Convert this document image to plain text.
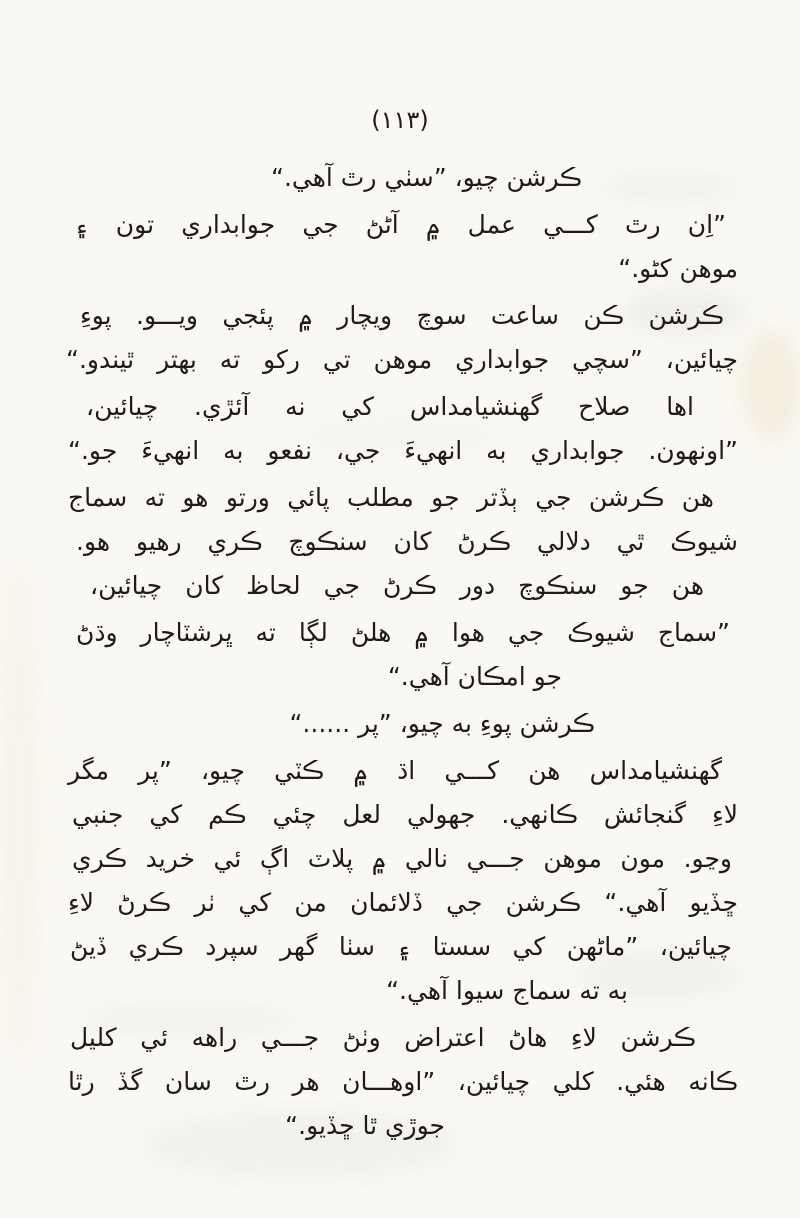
(١١٣)

ڪرشن چيو، ”سٺي رٿ آهي.“

”اِن رٿ کـــي عمل ۾ آڻڻ جي جوابداري تون ۽
موهن کڻو.“

ڪرشن ڪن ساعت سوچ ويچار ۾ پئجي ويـــو. پوءِ
چيائين، ”سچي جوابداري موهن تي رکو ته بهتر ٿيندو.“

اها صلاح گهنشيامداس کي نه آئڙي. چيائين،
”اونهون. جوابداري به انهيءَ جي، نفعو به انهيءَ جو.“

هن ڪرشن جي ٻڏتر جو مطلب پائي ورتو هو ته سماج
شيوڪ ٿي دلالي ڪرڻ کان سنڪوچ ڪري رهيو هو.
هن جو سنڪوچ دور ڪرڻ جي لحاظ کان چيائين،

”سماج شيوڪ جي هوا ۾ هلڻ لڳا ته ڀرشٽاچار وڌڻ
جو امڪان آهي.“

ڪرشن پوءِ به چيو، ”پر ......“

گهنشيامداس هن کـــي اڌ ۾ ڪٽي چيو، ”پر مگر
لاءِ گنجائش ڪانهي. جهولي لعل چئي ڪم کي جنبي
وڃو. مون موهن جـــي نالي ۾ پلاٽ اڳ ئي خريد ڪري
ڇڏيو آهي.“ ڪرشن جي ڏلائمان من کي ٺر ڪرڻ لاءِ
چيائين، ”ماڻهن کي سستا ۽ سٺا گهر سپرد ڪري ڏيڻ
به ته سماج سيوا آهي.“

ڪرشن لاءِ هاڻ اعتراض وٺڻ جـــي راهه ئي کليل
ڪانه هئي. کلي چيائين، ”اوهـــان هر رٿ سان گڏ رٿا
جوڙي ٿا ڇڏيو.“
